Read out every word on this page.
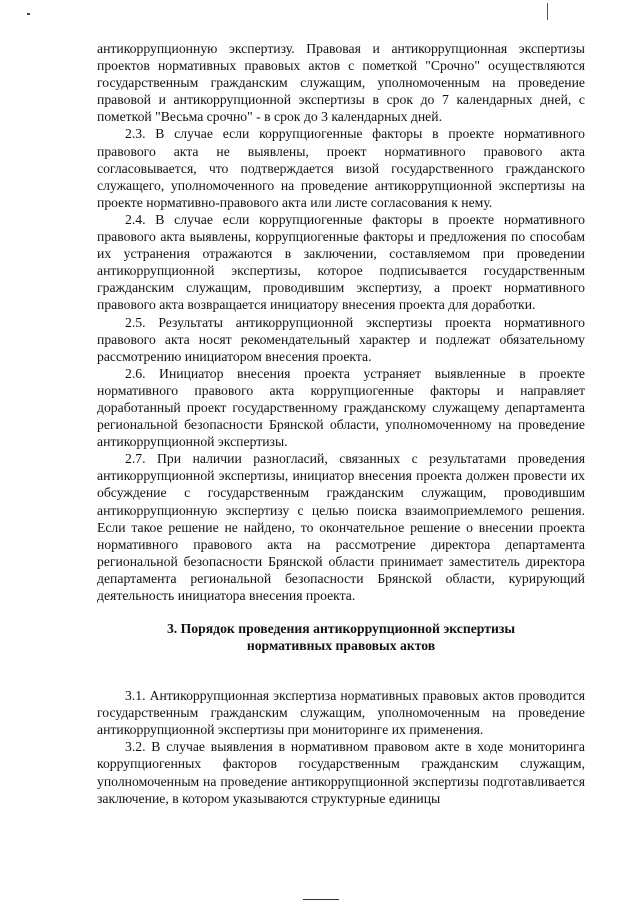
антикоррупционную экспертизу. Правовая и антикоррупционная экспертизы проектов нормативных правовых актов с пометкой "Срочно" осуществляются государственным гражданским служащим, уполномоченным на проведение правовой и антикоррупционной экспертизы в срок до 7 календарных дней, с пометкой "Весьма срочно" - в срок до 3 календарных дней.

2.3. В случае если коррупциогенные факторы в проекте нормативного правового акта не выявлены, проект нормативного правового акта согласовывается, что подтверждается визой государственного гражданского служащего, уполномоченного на проведение антикоррупционной экспертизы на проекте нормативно-правового акта или листе согласования к нему.

2.4. В случае если коррупциогенные факторы в проекте нормативного правового акта выявлены, коррупциогенные факторы и предложения по способам их устранения отражаются в заключении, составляемом при проведении антикоррупционной экспертизы, которое подписывается государственным гражданским служащим, проводившим экспертизу, а проект нормативного правового акта возвращается инициатору внесения проекта для доработки.

2.5. Результаты антикоррупционной экспертизы проекта нормативного правового акта носят рекомендательный характер и подлежат обязательному рассмотрению инициатором внесения проекта.

2.6. Инициатор внесения проекта устраняет выявленные в проекте нормативного правового акта коррупциогенные факторы и направляет доработанный проект государственному гражданскому служащему департамента региональной безопасности Брянской области, уполномоченному на проведение антикоррупционной экспертизы.

2.7. При наличии разногласий, связанных с результатами проведения антикоррупционной экспертизы, инициатор внесения проекта должен провести их обсуждение с государственным гражданским служащим, проводившим антикоррупционную экспертизу с целью поиска взаимоприемлемого решения. Если такое решение не найдено, то окончательное решение о внесении проекта нормативного правового акта на рассмотрение директора департамента региональной безопасности Брянской области принимает заместитель директора департамента региональной безопасности Брянской области, курирующий деятельность инициатора внесения проекта.

3. Порядок проведения антикоррупционной экспертизы
нормативных правовых актов

3.1. Антикоррупционная экспертиза нормативных правовых актов проводится государственным гражданским служащим, уполномоченным на проведение антикоррупционной экспертизы при мониторинге их применения.

3.2. В случае выявления в нормативном правовом акте в ходе мониторинга коррупциогенных факторов государственным гражданским служащим, уполномоченным на проведение антикоррупционной экспертизы подготавливается заключение, в котором указываются структурные единицы
